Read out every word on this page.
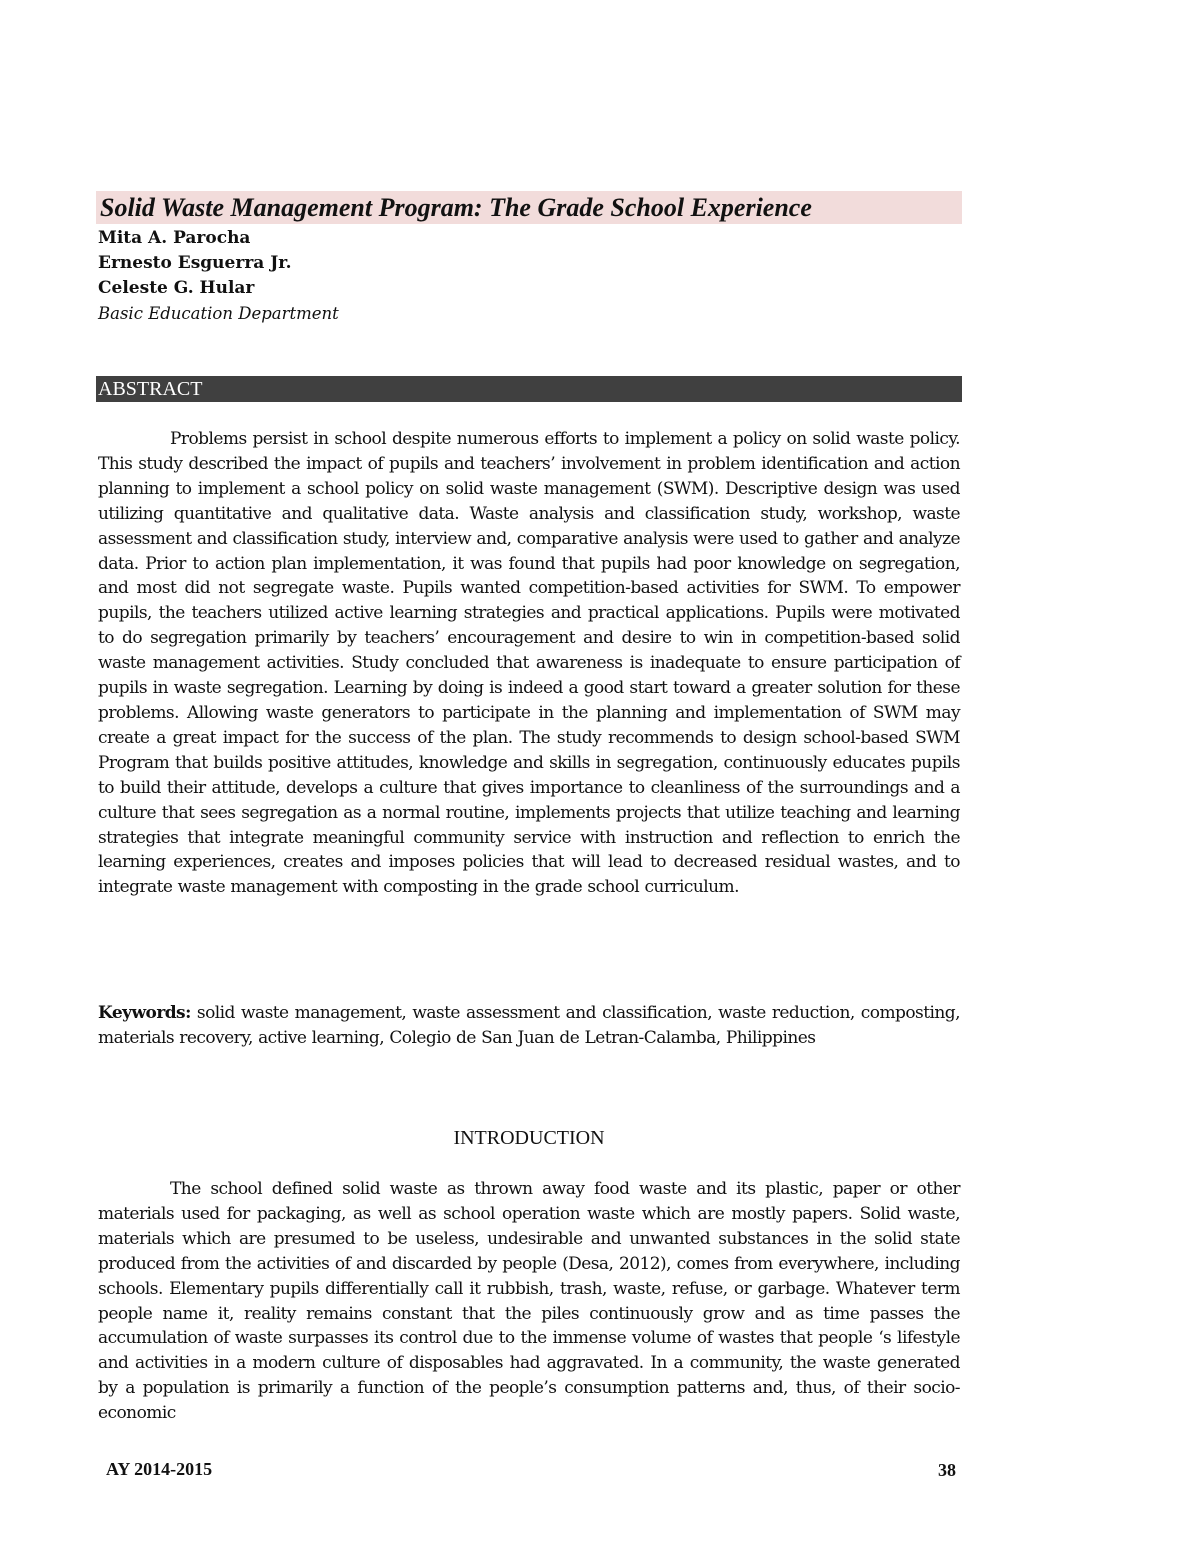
Solid Waste Management Program: The Grade School Experience
Mita A. Parocha
Ernesto Esguerra Jr.
Celeste G. Hular
Basic Education Department
ABSTRACT

Problems persist in school despite numerous efforts to implement a policy on solid waste policy. This study described the impact of pupils and teachers’ involvement in problem identification and action planning to implement a school policy on solid waste management (SWM). Descriptive design was used utilizing quantitative and qualitative data. Waste analysis and classification study, workshop, waste assessment and classification study, interview and, comparative analysis were used to gather and analyze data. Prior to action plan implementation, it was found that pupils had poor knowledge on segregation, and most did not segregate waste. Pupils wanted competition-based activities for SWM. To empower pupils, the teachers utilized active learning strategies and practical applications. Pupils were motivated to do segregation primarily by teachers’ encouragement and desire to win in competition-based solid waste management activities. Study concluded that awareness is inadequate to ensure participation of pupils in waste segregation. Learning by doing is indeed a good start toward a greater solution for these problems. Allowing waste generators to participate in the planning and implementation of SWM may create a great impact for the success of the plan. The study recommends to design school-based SWM Program that builds positive attitudes, knowledge and skills in segregation, continuously educates pupils to build their attitude, develops a culture that gives importance to cleanliness of the surroundings and a culture that sees segregation as a normal routine, implements projects that utilize teaching and learning strategies that integrate meaningful community service with instruction and reflection to enrich the learning experiences, creates and imposes policies that will lead to decreased residual wastes, and to integrate waste management with composting in the grade school curriculum.

Keywords: solid waste management, waste assessment and classification, waste reduction, composting, materials recovery, active learning, Colegio de San Juan de Letran-Calamba, Philippines

INTRODUCTION

The school defined solid waste as thrown away food waste and its plastic, paper or other materials used for packaging, as well as school operation waste which are mostly papers. Solid waste, materials which are presumed to be useless, undesirable and unwanted substances in the solid state produced from the activities of and discarded by people (Desa, 2012), comes from everywhere, including schools. Elementary pupils differentially call it rubbish, trash, waste, refuse, or garbage. Whatever term people name it, reality remains constant that the piles continuously grow and as time passes the accumulation of waste surpasses its control due to the immense volume of wastes that people ‘s lifestyle and activities in a modern culture of disposables had aggravated. In a community, the waste generated by a population is primarily a function of the people’s consumption patterns and, thus, of their socio-economic

AY 2014-2015	38
